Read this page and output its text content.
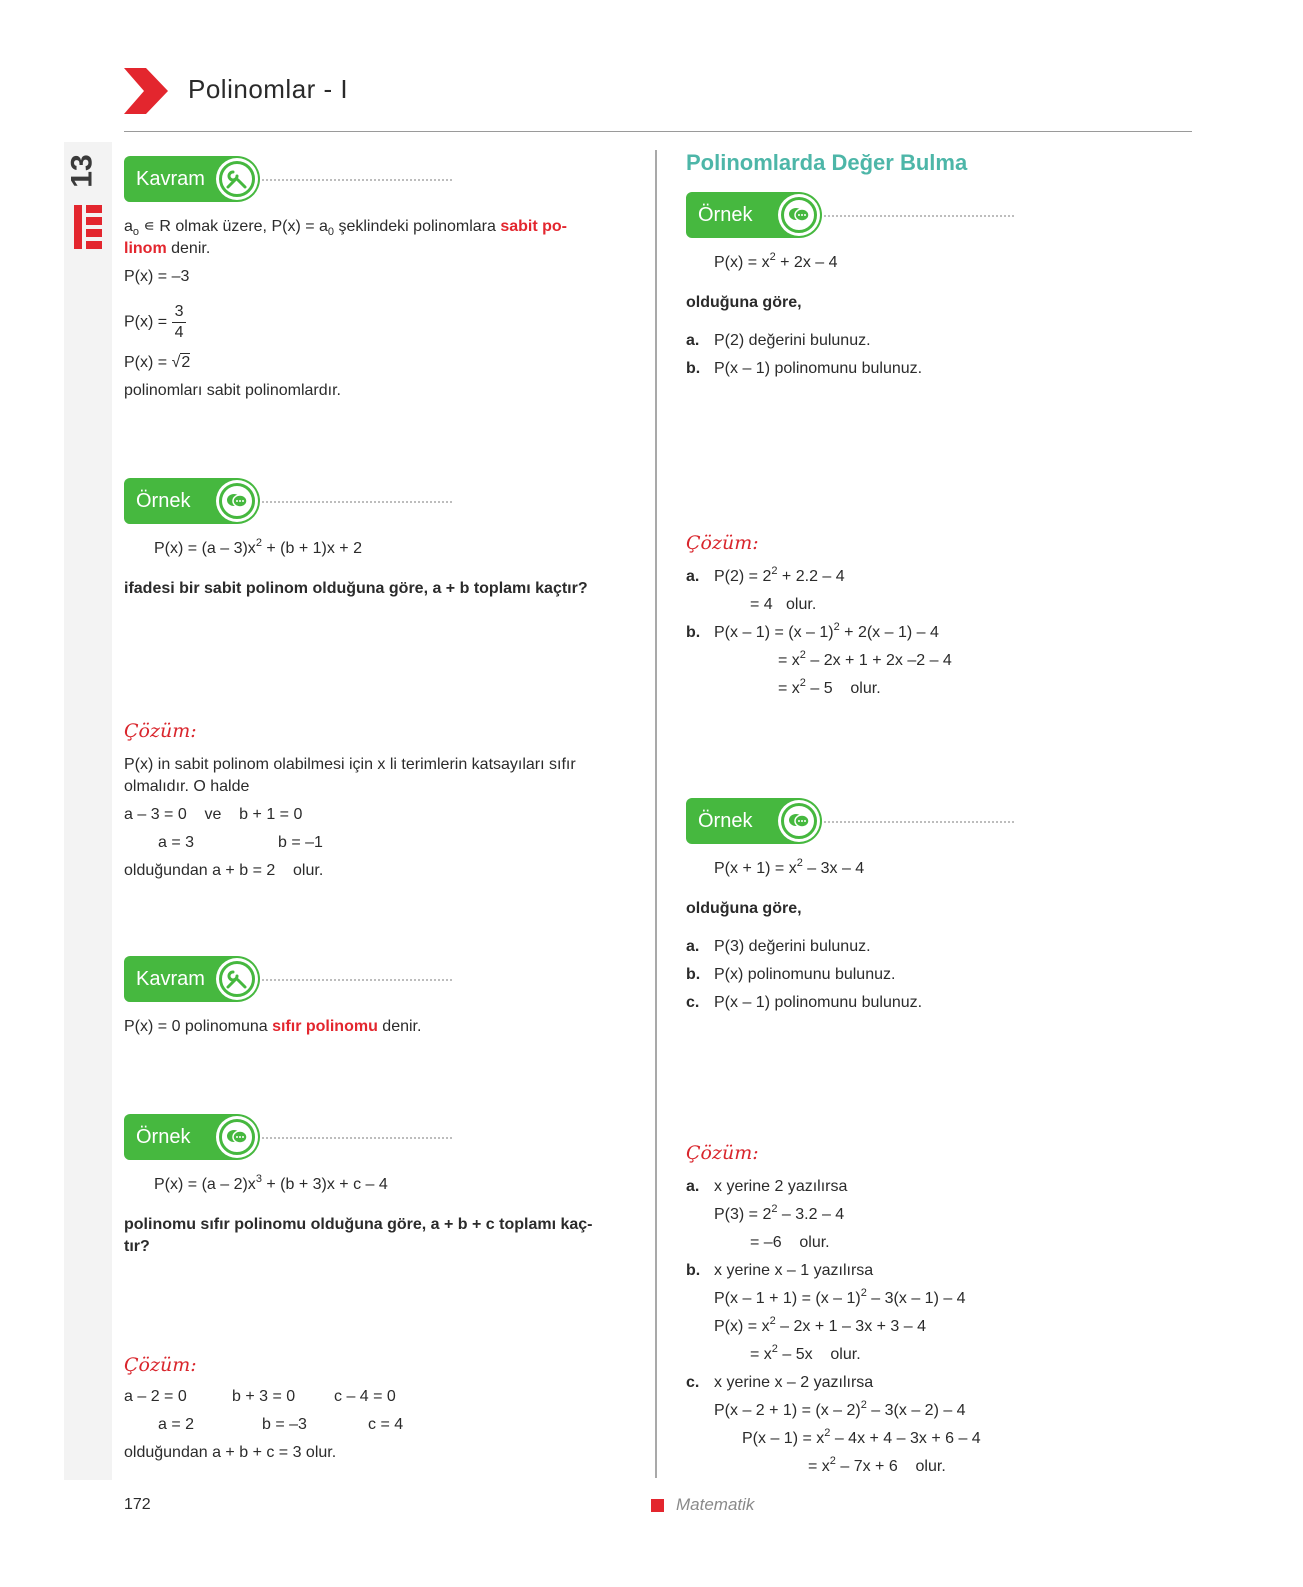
Polinomlar - I
13 Kavram
$a_o$ ∊ R olmak üzere, $P(x) = a_0$ şeklindeki polinomlara sabit po-
linom denir.
P(x) = –3
$P(x) = \frac{3}{4}$
P(x) = √2
polinomları sabit polinomlardır.
Örnek
$P(x) = (a - 3)x^2 + (b + 1)x + 2$
ifadesi bir sabit polinom olduğuna göre, a + b toplamı kaçtır?
Çözüm:
P(x) in sabit polinom olabilmesi için x li terimlerin katsayıları sıfır
olmalıdır. O halde
a – 3 = 0    ve    b + 1 = 0
a = 3	b = –1
olduğundan a + b = 2    olur.
Kavram
P(x) = 0 polinomuna sıfır polinomu denir.
Örnek
$P(x) = (a - 2)x^3 + (b + 3)x + c - 4$
polinomu sıfır polinomu olduğuna göre, a + b + c toplamı kaç-
tır?
Çözüm:
a – 2 = 0	b + 3 = 0 c – 4 = 0
a = 2	b = –3	c = 4
olduğundan a + b + c = 3 olur.
Polinomlarda Değer Bulma
Örnek
$P(x) = x^2 + 2x - 4$
olduğuna göre,
a. P(2) değerini bulunuz.
b. P(x – 1) polinomunu bulunuz.
Çözüm:
a. $P(2) = 2^2 + 2.2 - 4$
= 4   olur.
b. P(x – 1) = (x – 1)$^2$ + 2(x – 1) – 4
= $x^2 - 2x + 1 + 2x$ –2 – 4
= $x^2 - 5$    olur.
Örnek
$P(x + 1) = x^2 - 3x - 4$
olduğuna göre,
a. P(3) değerini bulunuz.
b. P(x) polinomunu bulunuz.
c. P(x – 1) polinomunu bulunuz.
Çözüm:
a. x yerine 2 yazılırsa
$P(3) = 2^2 - 3.2 - 4$
= –6    olur.
b. x yerine x – 1 yazılırsa
P(x – 1 + 1) = (x – 1)$^2$ – 3(x – 1) – 4
$P(x) = x^2 - 2x + 1 - 3x + 3 - 4$
= $x^2 - 5x$    olur.
c. x yerine x – 2 yazılırsa
P(x – 2 + 1) = (x – 2)$^2$ – 3(x – 2) – 4
$P(x - 1) = x^2 - 4x + 4 - 3x + 6 - 4$
= $x^2 - 7x + 6$    olur.
172	Matematik
